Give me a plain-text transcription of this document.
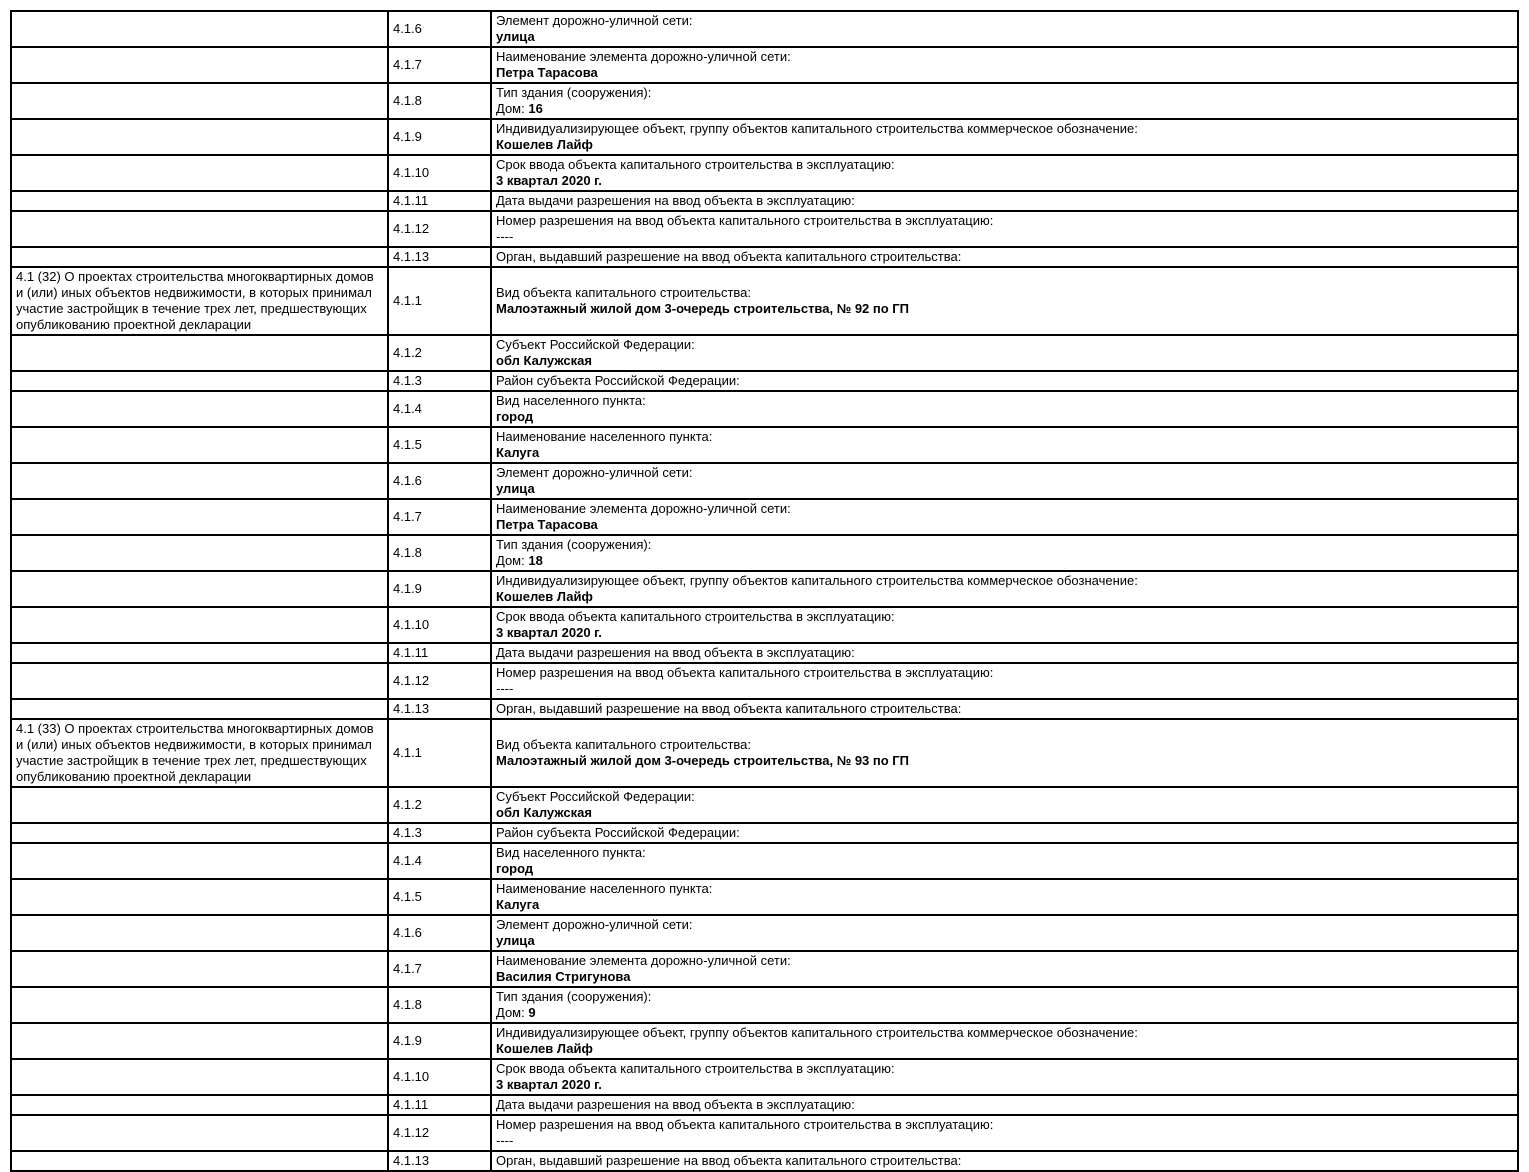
	4.1.6	Элемент дорожно-уличной сети:
улица

	4.1.7	Наименование элемента дорожно-уличной сети:
Петра Тарасова

	4.1.8	Тип здания (сооружения):
Дом: 16

	4.1.9	Индивидуализирующее объект, группу объектов капитального строительства коммерческое обозначение:
Кошелев Лайф

	4.1.10	Срок ввода объекта капитального строительства в эксплуатацию:
3 квартал 2020 г.

	4.1.11	Дата выдачи разрешения на ввод объекта в эксплуатацию:

	4.1.12	Номер разрешения на ввод объекта капитального строительства в эксплуатацию:
----

	4.1.13	Орган, выдавший разрешение на ввод объекта капитального строительства:

4.1 (32) О проектах строительства многоквартирных домов и (или) иных объектов недвижимости, в которых принимал участие застройщик в течение трех лет, предшествующих опубликованию проектной декларации	4.1.1	Вид объекта капитального строительства:
Малоэтажный жилой дом 3-очередь строительства, № 92 по ГП

	4.1.2	Субъект Российской Федерации:
обл Калужская

	4.1.3	Район субъекта Российской Федерации:

	4.1.4	Вид населенного пункта:
город

	4.1.5	Наименование населенного пункта:
Калуга

	4.1.6	Элемент дорожно-уличной сети:
улица

	4.1.7	Наименование элемента дорожно-уличной сети:
Петра Тарасова

	4.1.8	Тип здания (сооружения):
Дом: 18

	4.1.9	Индивидуализирующее объект, группу объектов капитального строительства коммерческое обозначение:
Кошелев Лайф

	4.1.10	Срок ввода объекта капитального строительства в эксплуатацию:
3 квартал 2020 г.

	4.1.11	Дата выдачи разрешения на ввод объекта в эксплуатацию:

	4.1.12	Номер разрешения на ввод объекта капитального строительства в эксплуатацию:
----

	4.1.13	Орган, выдавший разрешение на ввод объекта капитального строительства:

4.1 (33) О проектах строительства многоквартирных домов и (или) иных объектов недвижимости, в которых принимал участие застройщик в течение трех лет, предшествующих опубликованию проектной декларации	4.1.1	Вид объекта капитального строительства:
Малоэтажный жилой дом 3-очередь строительства, № 93 по ГП

	4.1.2	Субъект Российской Федерации:
обл Калужская

	4.1.3	Район субъекта Российской Федерации:

	4.1.4	Вид населенного пункта:
город

	4.1.5	Наименование населенного пункта:
Калуга

	4.1.6	Элемент дорожно-уличной сети:
улица

	4.1.7	Наименование элемента дорожно-уличной сети:
Василия Стригунова

	4.1.8	Тип здания (сооружения):
Дом: 9

	4.1.9	Индивидуализирующее объект, группу объектов капитального строительства коммерческое обозначение:
Кошелев Лайф

	4.1.10	Срок ввода объекта капитального строительства в эксплуатацию:
3 квартал 2020 г.

	4.1.11	Дата выдачи разрешения на ввод объекта в эксплуатацию:

	4.1.12	Номер разрешения на ввод объекта капитального строительства в эксплуатацию:
----

	4.1.13	Орган, выдавший разрешение на ввод объекта капитального строительства:
